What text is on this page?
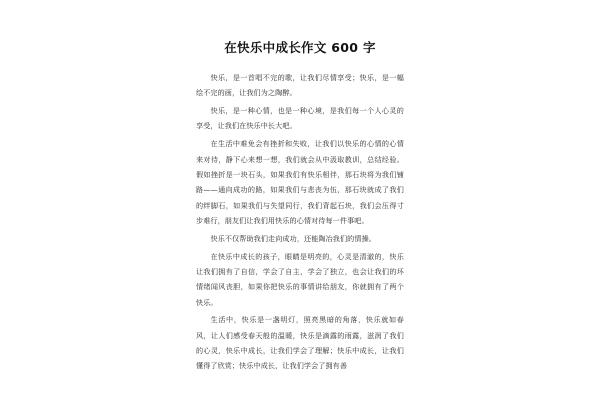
在快乐中成长作文 600 字

快乐，是一首唱不完的歌，让我们尽情享受；快乐，是一幅绘不完的画，让我们为之陶醉。

快乐，是一种心情，也是一种心境，是我们每一个人心灵的享受，让我们在快乐中长大吧。

在生活中难免会有挫折和失败，让我们以快乐的心情的心情来对待，静下心来想一想，我们就会从中汲取教训，总结经验。假如挫折是一块石头，如果我们有快乐相伴，那石块将为我们铺路——通向成功的路，如果我们与悲丧为伍，那石块就成了我们的绊脚石，如果我们与失望同行，我们背起石块，我们会压得寸步难行，朋友们让我们用快乐的心情对待每一件事吧。

快乐不仅帮助我们走向成功，还能陶冶我们的情操。

在快乐中成长的孩子，眼睛是明亮的，心灵是清澈的，快乐让我们拥有了自信，学会了自主，学会了独立，也会让我们的坏情绪闻风丧胆，如果你把快乐的事情讲给朋友，你就拥有了两个快乐。

生活中，快乐是一盏明灯，照亮黑暗的角落，快乐就如春风，让人们感受春天般的温暖，快乐是滴露的雨露，滋润了我们的心灵，快乐中成长，让我们学会了理解；快乐中成长，让我们懂得了欣赏；快乐中成长，让我们学会了拥有善
